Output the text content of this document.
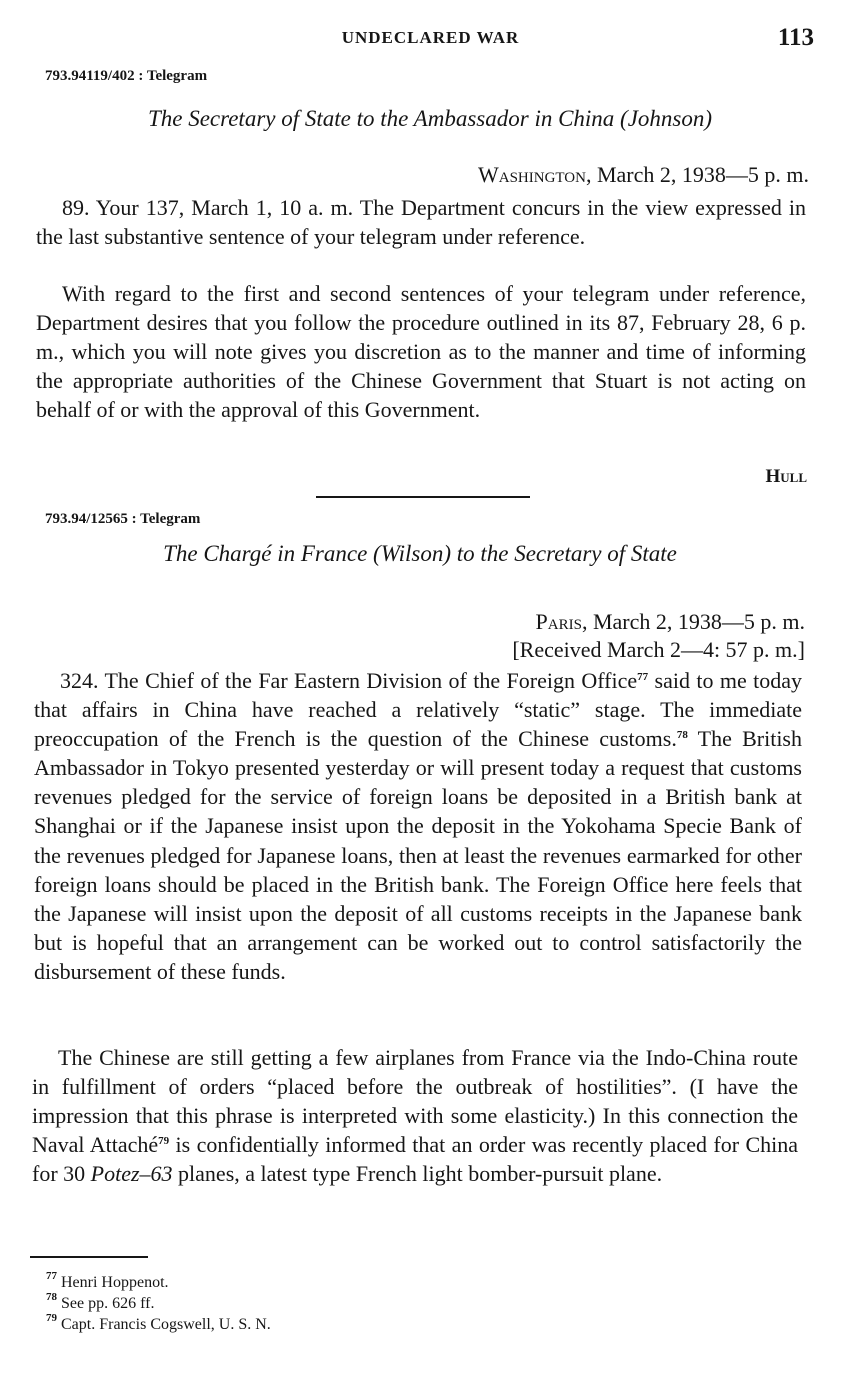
UNDECLARED WAR	113
793.94119/402 : Telegram
The Secretary of State to the Ambassador in China (Johnson)
Washington, March 2, 1938—5 p. m.

89. Your 137, March 1, 10 a. m. The Department concurs in the view expressed in the last substantive sentence of your telegram under reference.

With regard to the first and second sentences of your telegram under reference, Department desires that you follow the procedure outlined in its 87, February 28, 6 p. m., which you will note gives you discretion as to the manner and time of informing the appropriate authorities of the Chinese Government that Stuart is not acting on behalf of or with the approval of this Government.

Hull
793.94/12565 : Telegram
The Chargé in France (Wilson) to the Secretary of State
Paris, March 2, 1938—5 p. m.
[Received March 2—4: 57 p. m.]

324. The Chief of the Far Eastern Division of the Foreign Office$^{77}$ said to me today that affairs in China have reached a relatively “static” stage. The immediate preoccupation of the French is the question of the Chinese customs.$^{78}$ The British Ambassador in Tokyo presented yesterday or will present today a request that customs revenues pledged for the service of foreign loans be deposited in a British bank at Shanghai or if the Japanese insist upon the deposit in the Yokohama Specie Bank of the revenues pledged for Japanese loans, then at least the revenues earmarked for other foreign loans should be placed in the British bank. The Foreign Office here feels that the Japanese will insist upon the deposit of all customs receipts in the Japanese bank but is hopeful that an arrangement can be worked out to control satisfactorily the disbursement of these funds.

The Chinese are still getting a few airplanes from France via the Indo-China route in fulfillment of orders “placed before the outbreak of hostilities”. (I have the impression that this phrase is interpreted with some elasticity.) In this connection the Naval Attaché$^{79}$ is confidentially informed that an order was recently placed for China for 30 Potez–63 planes, a latest type French light bomber-pursuit plane.

$^{77}$ Henri Hoppenot.
$^{78}$ See pp. 626 ff.
$^{79}$ Capt. Francis Cogswell, U. S. N.
